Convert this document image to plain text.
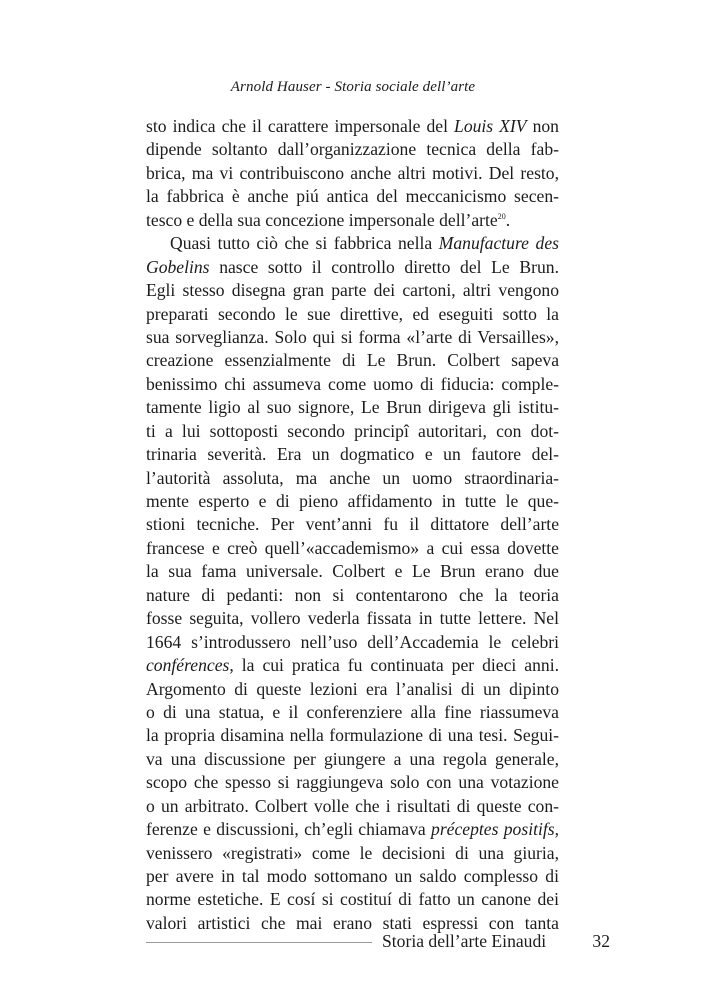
Arnold Hauser - Storia sociale dell’arte
sto indica che il carattere impersonale del Louis XIV non
dipende soltanto dall’organizzazione tecnica della fab-
brica, ma vi contribuiscono anche altri motivi. Del resto,
la fabbrica è anche piú antica del meccanicismo secen-
tesco e della sua concezione impersonale dell’arte$^{20}$.
Quasi tutto ciò che si fabbrica nella Manufacture des
Gobelins nasce sotto il controllo diretto del Le Brun.
Egli stesso disegna gran parte dei cartoni, altri vengono
preparati secondo le sue direttive, ed eseguiti sotto la
sua sorveglianza. Solo qui si forma «l’arte di Versailles»,
creazione essenzialmente di Le Brun. Colbert sapeva
benissimo chi assumeva come uomo di fiducia: comple-
tamente ligio al suo signore, Le Brun dirigeva gli istitu-
ti a lui sottoposti secondo principî autoritari, con dot-
trinaria severità. Era un dogmatico e un fautore del-
l’autorità assoluta, ma anche un uomo straordinaria-
mente esperto e di pieno affidamento in tutte le que-
stioni tecniche. Per vent’anni fu il dittatore dell’arte
francese e creò quell’«accademismo» a cui essa dovette
la sua fama universale. Colbert e Le Brun erano due
nature di pedanti: non si contentarono che la teoria
fosse seguita, vollero vederla fissata in tutte lettere. Nel
1664 s’introdussero nell’uso dell’Accademia le celebri
conférences, la cui pratica fu continuata per dieci anni.
Argomento di queste lezioni era l’analisi di un dipinto
o di una statua, e il conferenziere alla fine riassumeva
la propria disamina nella formulazione di una tesi. Segui-
va una discussione per giungere a una regola generale,
scopo che spesso si raggiungeva solo con una votazione
o un arbitrato. Colbert volle che i risultati di queste con-
ferenze e discussioni, ch’egli chiamava préceptes positifs,
venissero «registrati» come le decisioni di una giuria,
per avere in tal modo sottomano un saldo complesso di
norme estetiche. E cosí si costituí di fatto un canone dei
valori artistici che mai erano stati espressi con tanta
Storia dell’arte Einaudi	32
